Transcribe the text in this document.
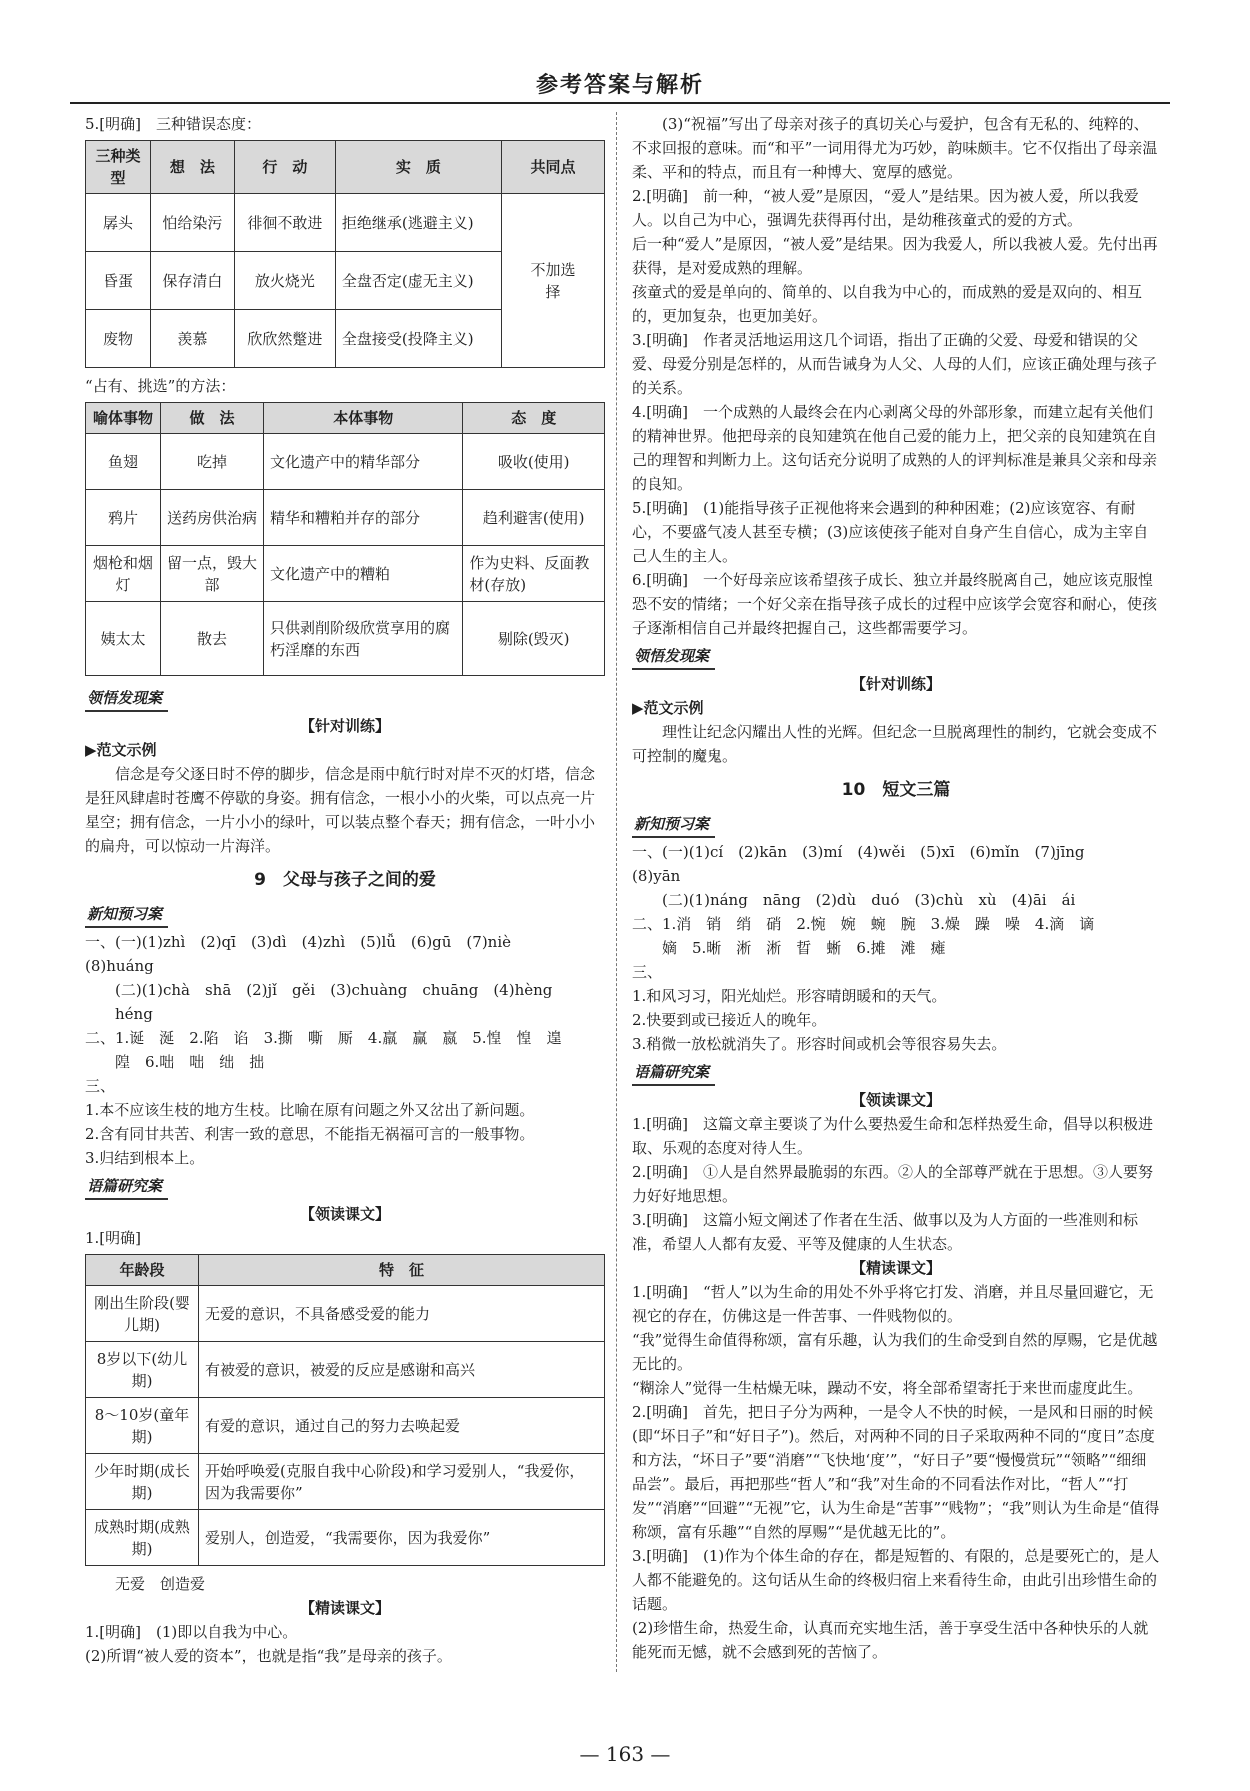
参考答案与解析

5.[明确]　三种错误态度：

三种类型	想　法	行　动	实　质	共同点
孱头	怕给染污	徘徊不敢进	拒绝继承(逃避主义)	不加选择
昏蛋	保存清白	放火烧光	全盘否定(虚无主义)	
废物	羡慕	欣欣然蹩进	全盘接受(投降主义)	

“占有、挑选”的方法：

喻体事物	做　法	本体事物	态　度
鱼翅	吃掉	文化遗产中的精华部分	吸收(使用)
鸦片	送药房供治病	精华和糟粕并存的部分	趋利避害(使用)
烟枪和烟灯	留一点，毁大部	文化遗产中的糟粕	作为史料、反面教材(存放)
姨太太	散去	只供剥削阶级欣赏享用的腐朽淫靡的东西	剔除(毁灭)
领悟发现案

【针对训练】

▶范文示例

信念是夸父逐日时不停的脚步，信念是雨中航行时对岸不灭的灯塔，信念是狂风肆虐时苍鹰不停歇的身姿。拥有信念，一根小小的火柴，可以点亮一片星空；拥有信念，一片小小的绿叶，可以装点整个春天；拥有信念，一叶小小的扁舟，可以惊动一片海洋。

9　父母与孩子之间的爱

新知预习案

一、(一)(1)zhì　(2)qī　(3)dì　(4)zhì　(5)lǚ　(6)gū　(7)niè

(8)huáng

(二)(1)chà　shā　(2)jǐ　gěi　(3)chuàng　chuāng　(4)hèng　héng

二、1.诞　涎　2.陷　谄　3.撕　嘶　厮　4.羸　赢　嬴　5.惶　惶　遑

隍　6.咄　咄　绌　拙

三、

1.本不应该生枝的地方生枝。比喻在原有问题之外又岔出了新问题。

2.含有同甘共苦、利害一致的意思，不能指无祸福可言的一般事物。

3.归结到根本上。

语篇研究案

【领读课文】

1.[明确]

年龄段	特　征
刚出生阶段(婴儿期)	无爱的意识，不具备感受爱的能力
8岁以下(幼儿期)	有被爱的意识，被爱的反应是感谢和高兴
8～10岁(童年期)	有爱的意识，通过自己的努力去唤起爱
少年时期(成长期)	开始呼唤爱(克服自我中心阶段)和学习爱别人，“我爱你，因为我需要你”
成熟时期(成熟期)	爱别人，创造爱，“我需要你，因为我爱你”

无爱　创造爱

【精读课文】

1.[明确]　(1)即以自我为中心。

(2)所谓“被人爱的资本”，也就是指“我”是母亲的孩子。

(3)“祝福”写出了母亲对孩子的真切关心与爱护，包含有无私的、纯粹的、不求回报的意味。而“和平”一词用得尤为巧妙，韵味颇丰。它不仅指出了母亲温柔、平和的特点，而且有一种博大、宽厚的感觉。

2.[明确]　前一种，“被人爱”是原因，“爱人”是结果。因为被人爱，所以我爱人。以自己为中心，强调先获得再付出，是幼稚孩童式的爱的方式。

后一种“爱人”是原因，“被人爱”是结果。因为我爱人，所以我被人爱。先付出再获得，是对爱成熟的理解。

孩童式的爱是单向的、简单的、以自我为中心的，而成熟的爱是双向的、相互的，更加复杂，也更加美好。

3.[明确]　作者灵活地运用这几个词语，指出了正确的父爱、母爱和错误的父爱、母爱分别是怎样的，从而告诫身为人父、人母的人们，应该正确处理与孩子的关系。

4.[明确]　一个成熟的人最终会在内心剥离父母的外部形象，而建立起有关他们的精神世界。他把母亲的良知建筑在他自己爱的能力上，把父亲的良知建筑在自己的理智和判断力上。这句话充分说明了成熟的人的评判标准是兼具父亲和母亲的良知。

5.[明确]　(1)能指导孩子正视他将来会遇到的种种困难；(2)应该宽容、有耐心，不要盛气凌人甚至专横；(3)应该使孩子能对自身产生自信心，成为主宰自己人生的主人。

6.[明确]　一个好母亲应该希望孩子成长、独立并最终脱离自己，她应该克服惶恐不安的情绪；一个好父亲在指导孩子成长的过程中应该学会宽容和耐心，使孩子逐渐相信自己并最终把握自己，这些都需要学习。

领悟发现案

【针对训练】

▶范文示例

理性让纪念闪耀出人性的光辉。但纪念一旦脱离理性的制约，它就会变成不可控制的魔鬼。

10　短文三篇

新知预习案

一、(一)(1)cí　(2)kān　(3)mí　(4)wěi　(5)xī　(6)mǐn　(7)jīng

(8)yān

(二)(1)náng　nāng　(2)dù　duó　(3)chù　xù　(4)āi　ái

二、1.消　销　绡　硝　2.惋　婉　蜿　腕　3.燥　躁　噪　4.滴　谪

嫡　5.晰　淅　淅　晢　蜥　6.摊　滩　瘫

三、

1.和风习习，阳光灿烂。形容晴朗暖和的天气。

2.快要到或已接近人的晚年。

3.稍微一放松就消失了。形容时间或机会等很容易失去。

语篇研究案

【领读课文】

1.[明确]　这篇文章主要谈了为什么要热爱生命和怎样热爱生命，倡导以积极进取、乐观的态度对待人生。

2.[明确]　①人是自然界最脆弱的东西。②人的全部尊严就在于思想。③人要努力好好地思想。

3.[明确]　这篇小短文阐述了作者在生活、做事以及为人方面的一些准则和标准，希望人人都有友爱、平等及健康的人生状态。

【精读课文】

1.[明确]　“哲人”以为生命的用处不外乎将它打发、消磨，并且尽量回避它，无视它的存在，仿佛这是一件苦事、一件贱物似的。

“我”觉得生命值得称颂，富有乐趣，认为我们的生命受到自然的厚赐，它是优越无比的。

“糊涂人”觉得一生枯燥无味，躁动不安，将全部希望寄托于来世而虚度此生。

2.[明确]　首先，把日子分为两种，一是令人不快的时候，一是风和日丽的时候(即“坏日子”和“好日子”)。然后，对两种不同的日子采取两种不同的“度日”态度和方法，“坏日子”要“消磨”“飞快地‘度’”，“好日子”要“慢慢赏玩”“领略”“细细品尝”。最后，再把那些“哲人”和“我”对生命的不同看法作对比，“哲人”“打发”“消磨”“回避”“无视”它，认为生命是“苦事”“贱物”；“我”则认为生命是“值得称颂，富有乐趣”“自然的厚赐”“是优越无比的”。

3.[明确]　(1)作为个体生命的存在，都是短暂的、有限的，总是要死亡的，是人人都不能避免的。这句话从生命的终极归宿上来看待生命，由此引出珍惜生命的话题。

(2)珍惜生命，热爱生命，认真而充实地生活，善于享受生活中各种快乐的人就能死而无憾，就不会感到死的苦恼了。

— 163 —
